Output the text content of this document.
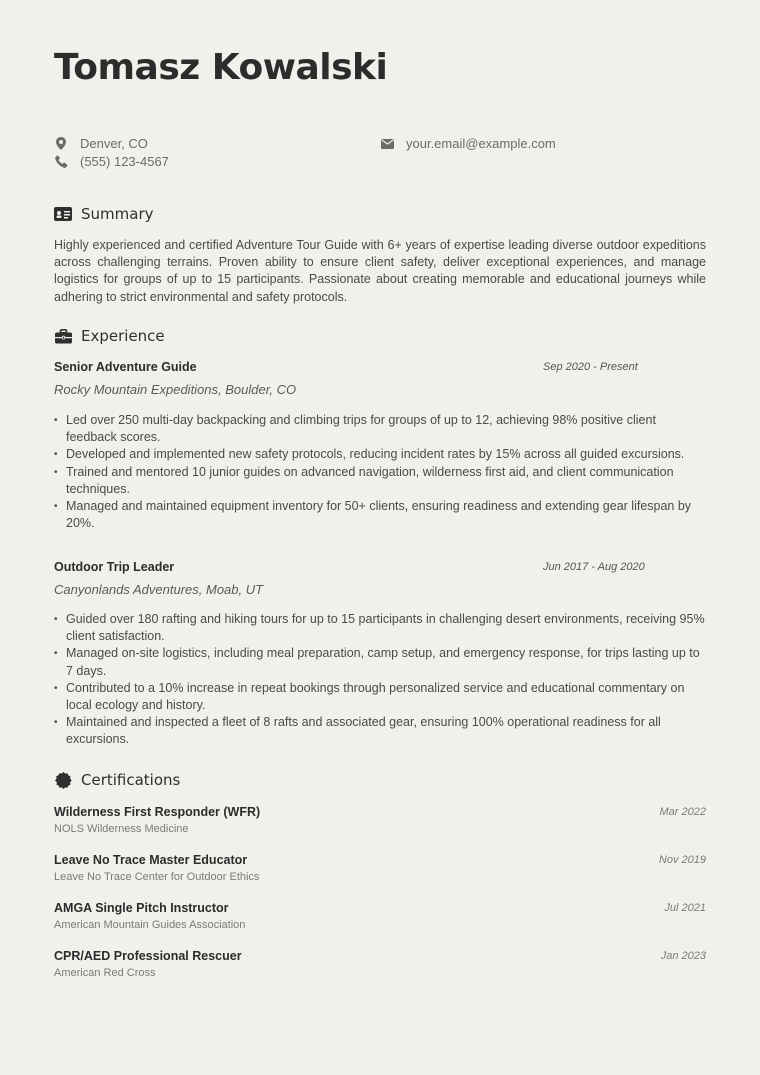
Tomasz Kowalski
Denver, CO
(555) 123-4567
your.email@example.com
Summary

Highly experienced and certified Adventure Tour Guide with 6+ years of expertise leading diverse outdoor expeditions across challenging terrains. Proven ability to ensure client safety, deliver exceptional experiences, and manage logistics for groups of up to 15 participants. Passionate about creating memorable and educational journeys while adhering to strict environmental and safety protocols.

Experience
Senior Adventure Guide	Sep 2020 - Present
Rocky Mountain Expeditions, Boulder, CO
• Led over 250 multi-day backpacking and climbing trips for groups of up to 12, achieving 98% positive client feedback scores.
• Developed and implemented new safety protocols, reducing incident rates by 15% across all guided excursions.
• Trained and mentored 10 junior guides on advanced navigation, wilderness first aid, and client communication techniques.
• Managed and maintained equipment inventory for 50+ clients, ensuring readiness and extending gear lifespan by 20%.
Outdoor Trip Leader	Jun 2017 - Aug 2020
Canyonlands Adventures, Moab, UT
• Guided over 180 rafting and hiking tours for up to 15 participants in challenging desert environments, receiving 95% client satisfaction.
• Managed on-site logistics, including meal preparation, camp setup, and emergency response, for trips lasting up to 7 days.
• Contributed to a 10% increase in repeat bookings through personalized service and educational commentary on local ecology and history.
• Maintained and inspected a fleet of 8 rafts and associated gear, ensuring 100% operational readiness for all excursions.
Certifications
Wilderness First Responder (WFR)
NOLS Wilderness Medicine
Mar 2022
Leave No Trace Master Educator
Leave No Trace Center for Outdoor Ethics
Nov 2019
AMGA Single Pitch Instructor
American Mountain Guides Association
Jul 2021
CPR/AED Professional Rescuer
American Red Cross
Jan 2023
